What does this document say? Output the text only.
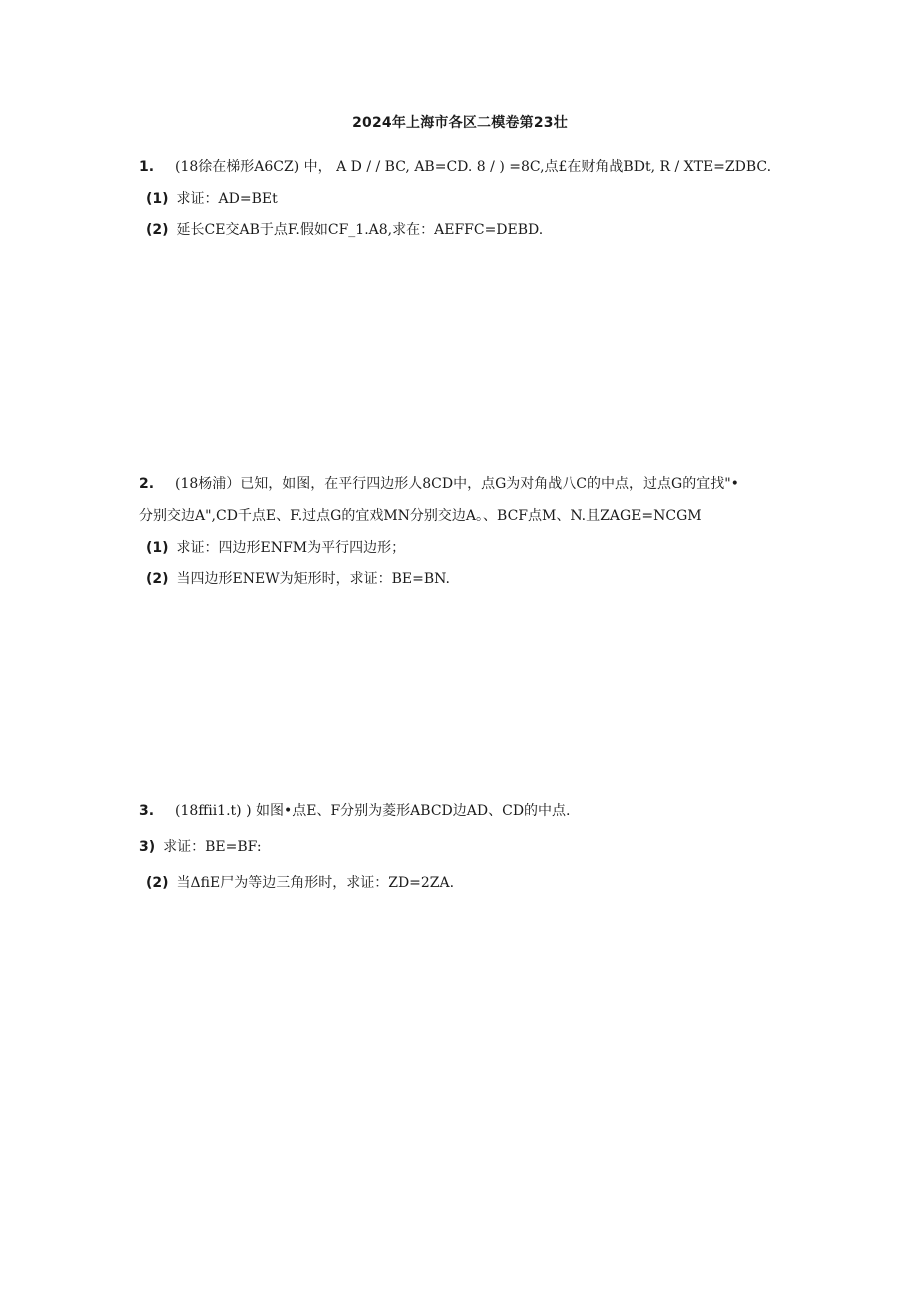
2024年上海市各区二模卷第23壮
1. (18徐在梯形A6CZ) 中， A D / / BC, AB=CD. 8 / ) =8C,点£在财角战BDt, R / XTE=ZDBC.
(1) 求证：AD=BEt
(2) 延长CE交AB于点F.假如CF_1.A8,求在：AEFFC=DEBD.
2. (18杨浦）已知，如图，在平行四边形人8CD中，点G为对角战八C的中点，过点G的宜找"•
分别交边A",CD千点E、F.过点G的宜戏MN分别交边A。、BCF点M、N.且ZAGE=NCGM
(1) 求证：四边形ENFM为平行四边形；
(2) 当四边形ENEW为矩形时，求证：BE=BN.
3. (18ffii1.t) ) 如图•点E、F分别为菱形ABCD边AD、CD的中点.
3) 求证：BE=BF:
(2) 当ΔfiE尸为等边三角形时，求证：ZD=2ZA.
